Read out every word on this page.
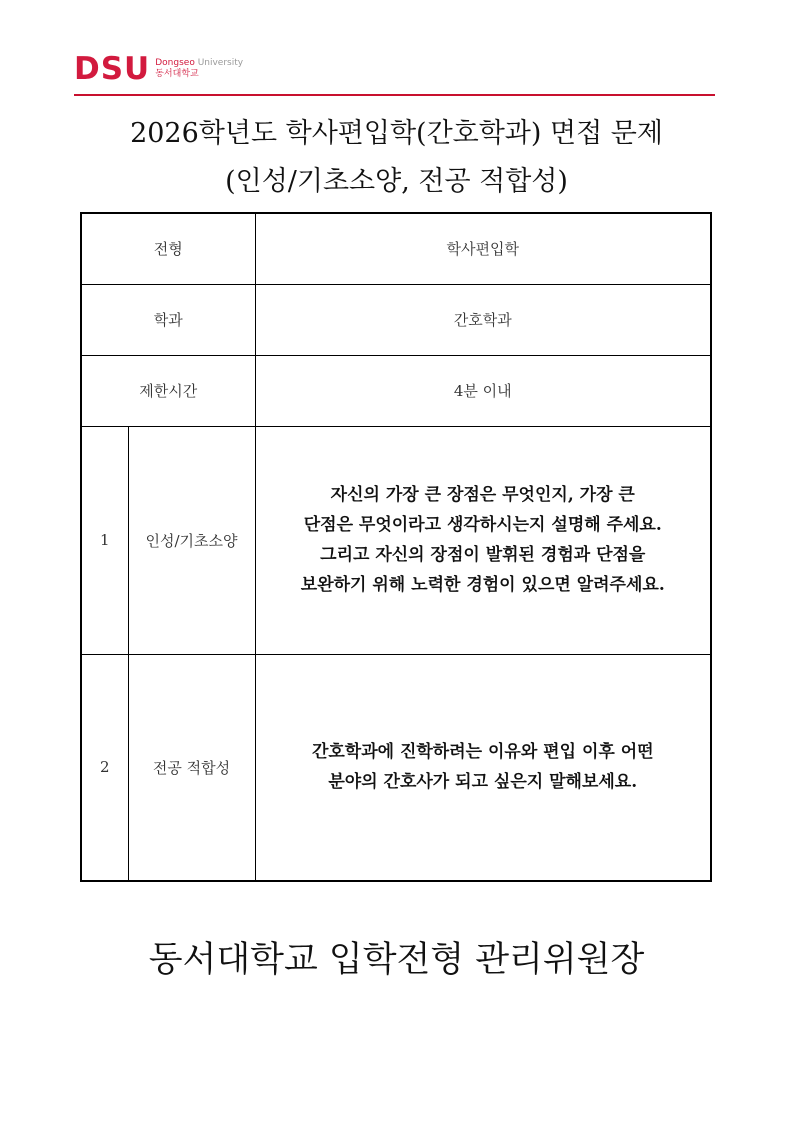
DSU Dongseo University
동서대학교
2026학년도 학사편입학(간호학과) 면접 문제
(인성/기초소양, 전공 적합성)
전형		학사편입학
학과		간호학과
제한시간		4분 이내
1	인성/기초소양	자신의 가장 큰 장점은 무엇인지, 가장 큰
단점은 무엇이라고 생각하시는지 설명해 주세요.
그리고 자신의 장점이 발휘된 경험과 단점을
보완하기 위해 노력한 경험이 있으면 알려주세요.

2	전공 적합성	간호학과에 진학하려는 이유와 편입 이후 어떤
분야의 간호사가 되고 싶은지 말해보세요.
동서대학교 입학전형 관리위원장
